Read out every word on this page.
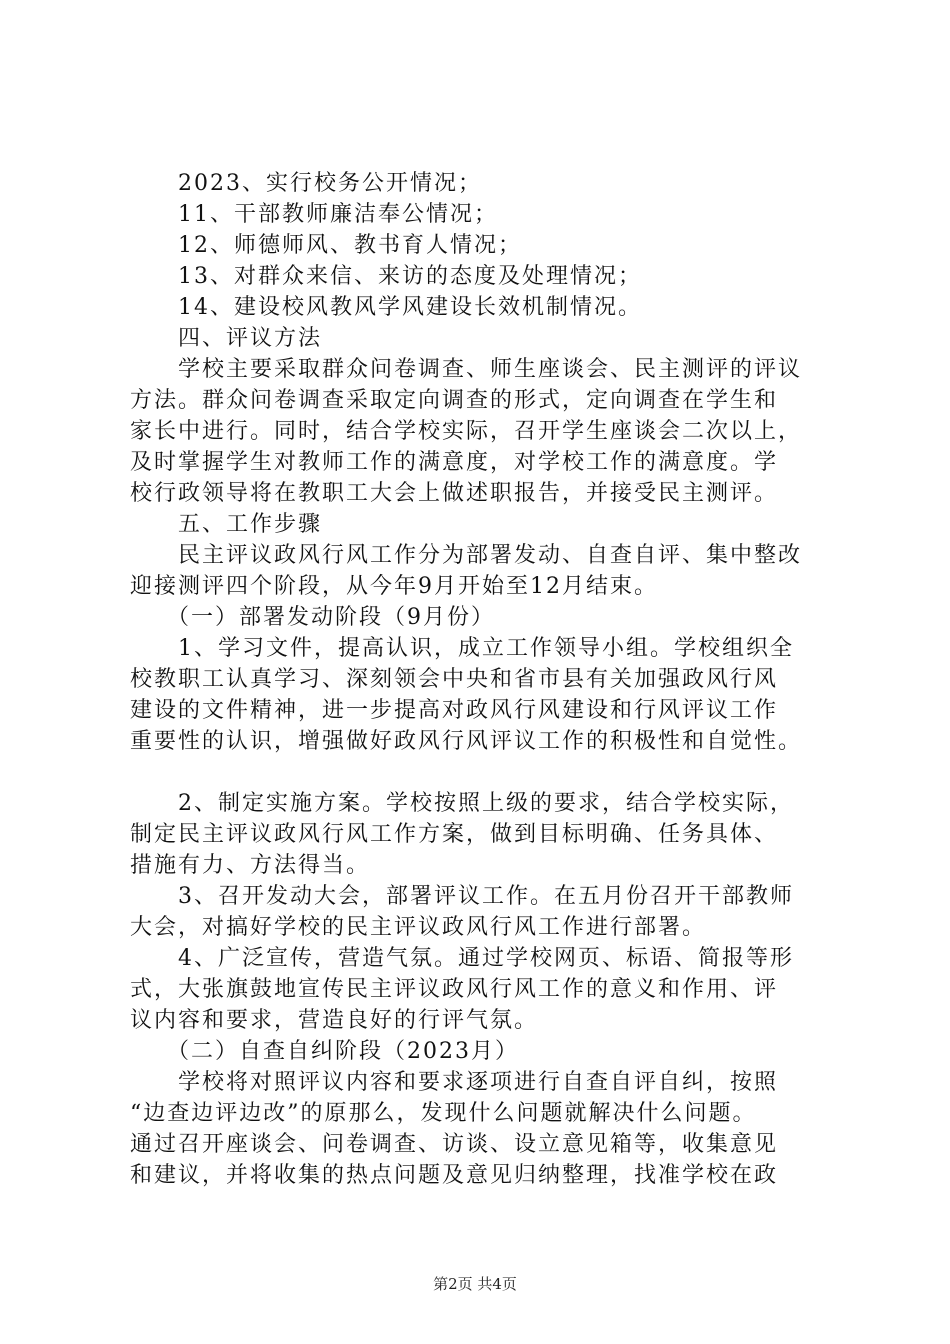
　　2023、实行校务公开情况；
　　11、干部教师廉洁奉公情况；
　　12、师德师风、教书育人情况；
　　13、对群众来信、来访的态度及处理情况；
　　14、建设校风教风学风建设长效机制情况。
　　四、评议方法
　　学校主要采取群众问卷调查、师生座谈会、民主测评的评议
方法。群众问卷调查采取定向调查的形式，定向调查在学生和
家长中进行。同时，结合学校实际，召开学生座谈会二次以上，
及时掌握学生对教师工作的满意度，对学校工作的满意度。学
校行政领导将在教职工大会上做述职报告，并接受民主测评。
　　五、工作步骤
　　民主评议政风行风工作分为部署发动、自查自评、集中整改
迎接测评四个阶段，从今年9月开始至12月结束。
　　（一）部署发动阶段（9月份）
　　1、学习文件，提高认识，成立工作领导小组。学校组织全
校教职工认真学习、深刻领会中央和省市县有关加强政风行风
建设的文件精神，进一步提高对政风行风建设和行风评议工作
重要性的认识，增强做好政风行风评议工作的积极性和自觉性。
　　2、制定实施方案。学校按照上级的要求，结合学校实际，
制定民主评议政风行风工作方案，做到目标明确、任务具体、
措施有力、方法得当。
　　3、召开发动大会，部署评议工作。在五月份召开干部教师
大会，对搞好学校的民主评议政风行风工作进行部署。
　　4、广泛宣传，营造气氛。通过学校网页、标语、简报等形
式，大张旗鼓地宣传民主评议政风行风工作的意义和作用、评
议内容和要求，营造良好的行评气氛。
　　（二）自查自纠阶段（2023月）
　　学校将对照评议内容和要求逐项进行自查自评自纠，按照
“边查边评边改”的原那么，发现什么问题就解决什么问题。
通过召开座谈会、问卷调查、访谈、设立意见箱等，收集意见
和建议，并将收集的热点问题及意见归纳整理，找准学校在政
第2页 共4页
